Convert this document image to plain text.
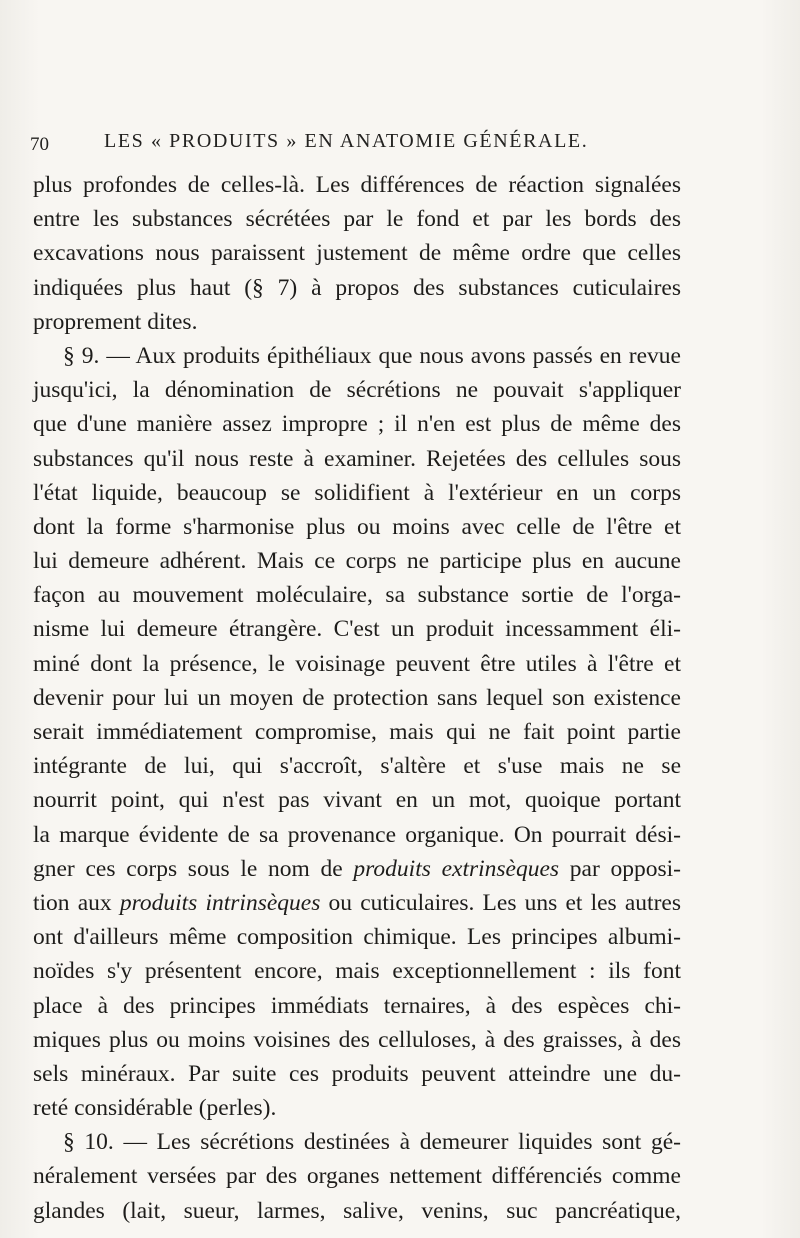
70	LES « PRODUITS » EN ANATOMIE GÉNÉRALE.
plus profondes de celles-là. Les différences de réaction signalées
entre les substances sécrétées par le fond et par les bords des
excavations nous paraissent justement de même ordre que celles
indiquées plus haut (§ 7) à propos des substances cuticulaires
proprement dites.
§ 9. — Aux produits épithéliaux que nous avons passés en revue
jusqu'ici, la dénomination de sécrétions ne pouvait s'appliquer
que d'une manière assez impropre ; il n'en est plus de même des
substances qu'il nous reste à examiner. Rejetées des cellules sous
l'état liquide, beaucoup se solidifient à l'extérieur en un corps
dont la forme s'harmonise plus ou moins avec celle de l'être et
lui demeure adhérent. Mais ce corps ne participe plus en aucune
façon au mouvement moléculaire, sa substance sortie de l'orga-
nisme lui demeure étrangère. C'est un produit incessamment éli-
miné dont la présence, le voisinage peuvent être utiles à l'être et
devenir pour lui un moyen de protection sans lequel son existence
serait immédiatement compromise, mais qui ne fait point partie
intégrante de lui, qui s'accroît, s'altère et s'use mais ne se
nourrit point, qui n'est pas vivant en un mot, quoique portant
la marque évidente de sa provenance organique. On pourrait dési-
gner ces corps sous le nom de produits extrinsèques par opposi-
tion aux produits intrinsèques ou cuticulaires. Les uns et les autres
ont d'ailleurs même composition chimique. Les principes albumi-
noïdes s'y présentent encore, mais exceptionnellement : ils font
place à des principes immédiats ternaires, à des espèces chi-
miques plus ou moins voisines des celluloses, à des graisses, à des
sels minéraux. Par suite ces produits peuvent atteindre une du-
reté considérable (perles).
§ 10. — Les sécrétions destinées à demeurer liquides sont gé-
néralement versées par des organes nettement différenciés comme
glandes (lait, sueur, larmes, salive, venins, suc pancréatique,
